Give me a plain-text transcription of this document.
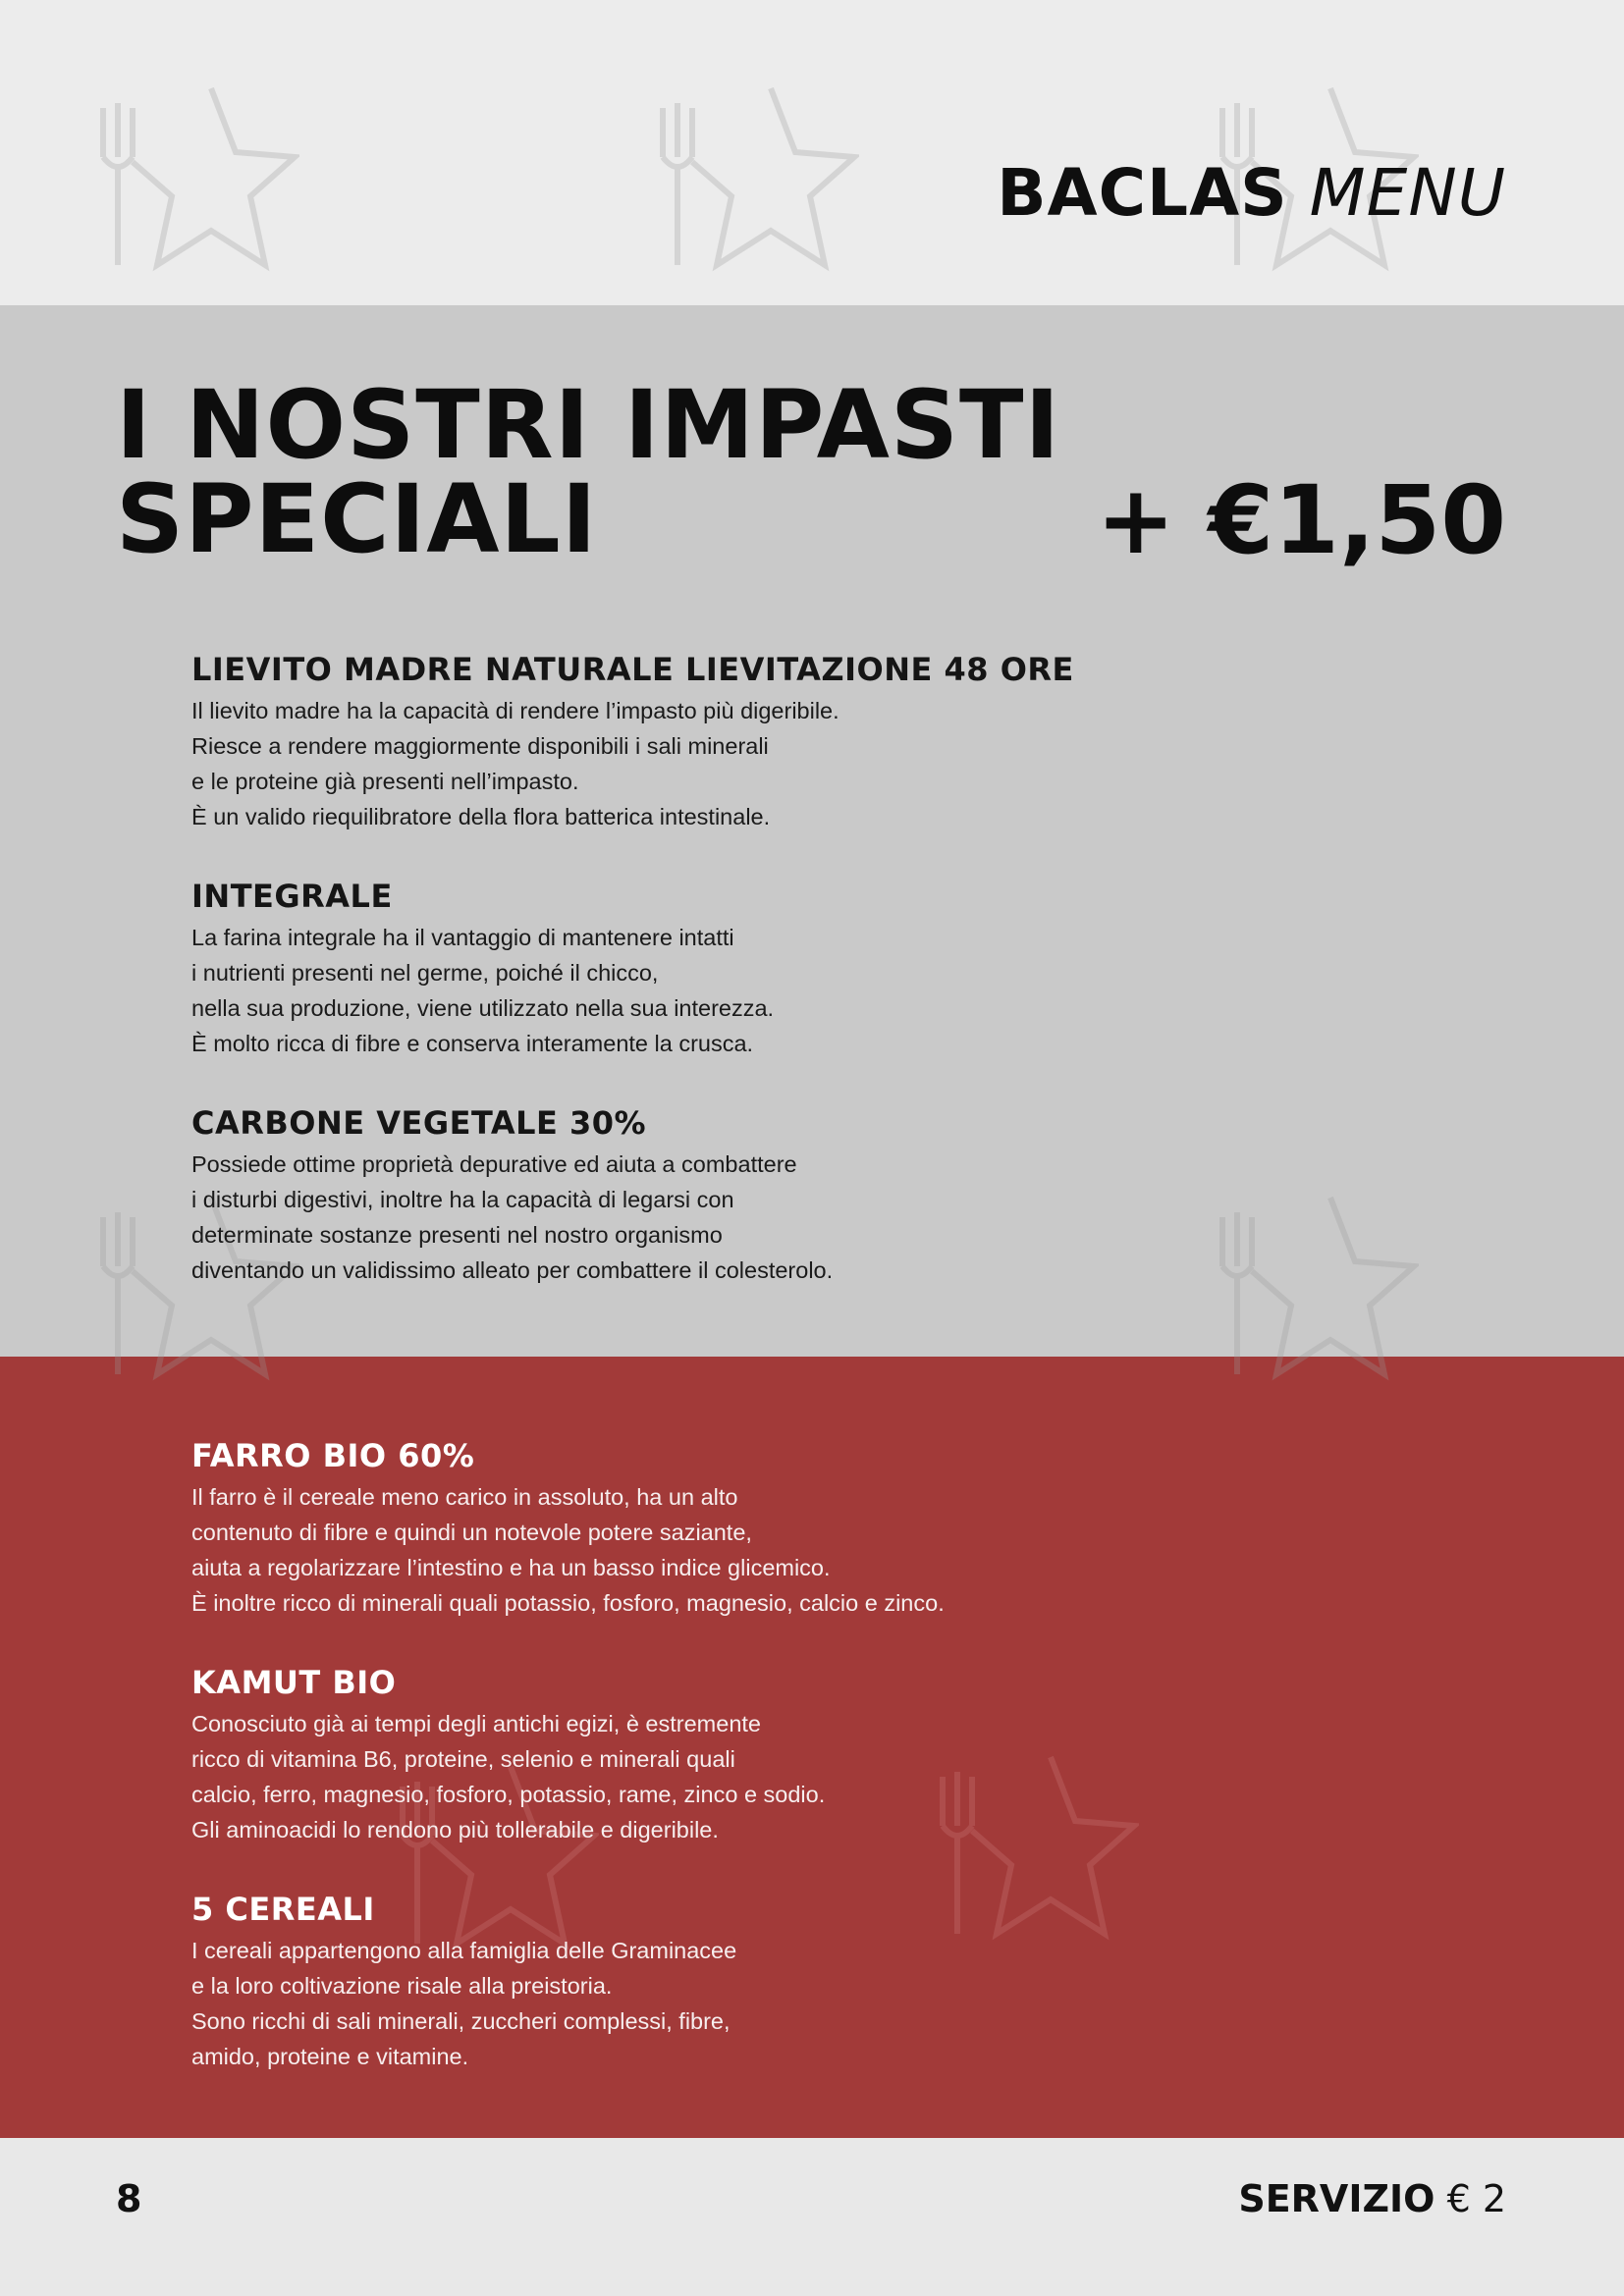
BACLAS MENU
I NOSTRI IMPASTI
SPECIALI	+ €1,50
LIEVITO MADRE NATURALE LIEVITAZIONE 48 ORE

Il lievito madre ha la capacità di rendere l’impasto più digeribile.

Riesce a rendere maggiormente disponibili i sali minerali

e le proteine già presenti nell’impasto.

È un valido riequilibratore della flora batterica intestinale.

INTEGRALE

La farina integrale ha il vantaggio di mantenere intatti

i nutrienti presenti nel germe, poiché il chicco,

nella sua produzione, viene utilizzato nella sua interezza.

È molto ricca di fibre e conserva interamente la crusca.

CARBONE VEGETALE 30%

Possiede ottime proprietà depurative ed aiuta a combattere

i disturbi digestivi, inoltre ha la capacità di legarsi con

determinate sostanze presenti nel nostro organismo

diventando un validissimo alleato per combattere il colesterolo.

FARRO BIO 60%

Il farro è il cereale meno carico in assoluto, ha un alto

contenuto di fibre e quindi un notevole potere saziante,

aiuta a regolarizzare l’intestino e ha un basso indice glicemico.

È inoltre ricco di minerali quali potassio, fosforo, magnesio, calcio e zinco.

KAMUT BIO

Conosciuto già ai tempi degli antichi egizi, è estremente

ricco di vitamina B6, proteine, selenio e minerali quali

calcio, ferro, magnesio, fosforo, potassio, rame, zinco e sodio.

Gli aminoacidi lo rendono più tollerabile e digeribile.

5 CEREALI

I cereali appartengono alla famiglia delle Graminacee

e la loro coltivazione risale alla preistoria.

Sono ricchi di sali minerali, zuccheri complessi, fibre,

amido, proteine e vitamine.

8	SERVIZIO € 2
